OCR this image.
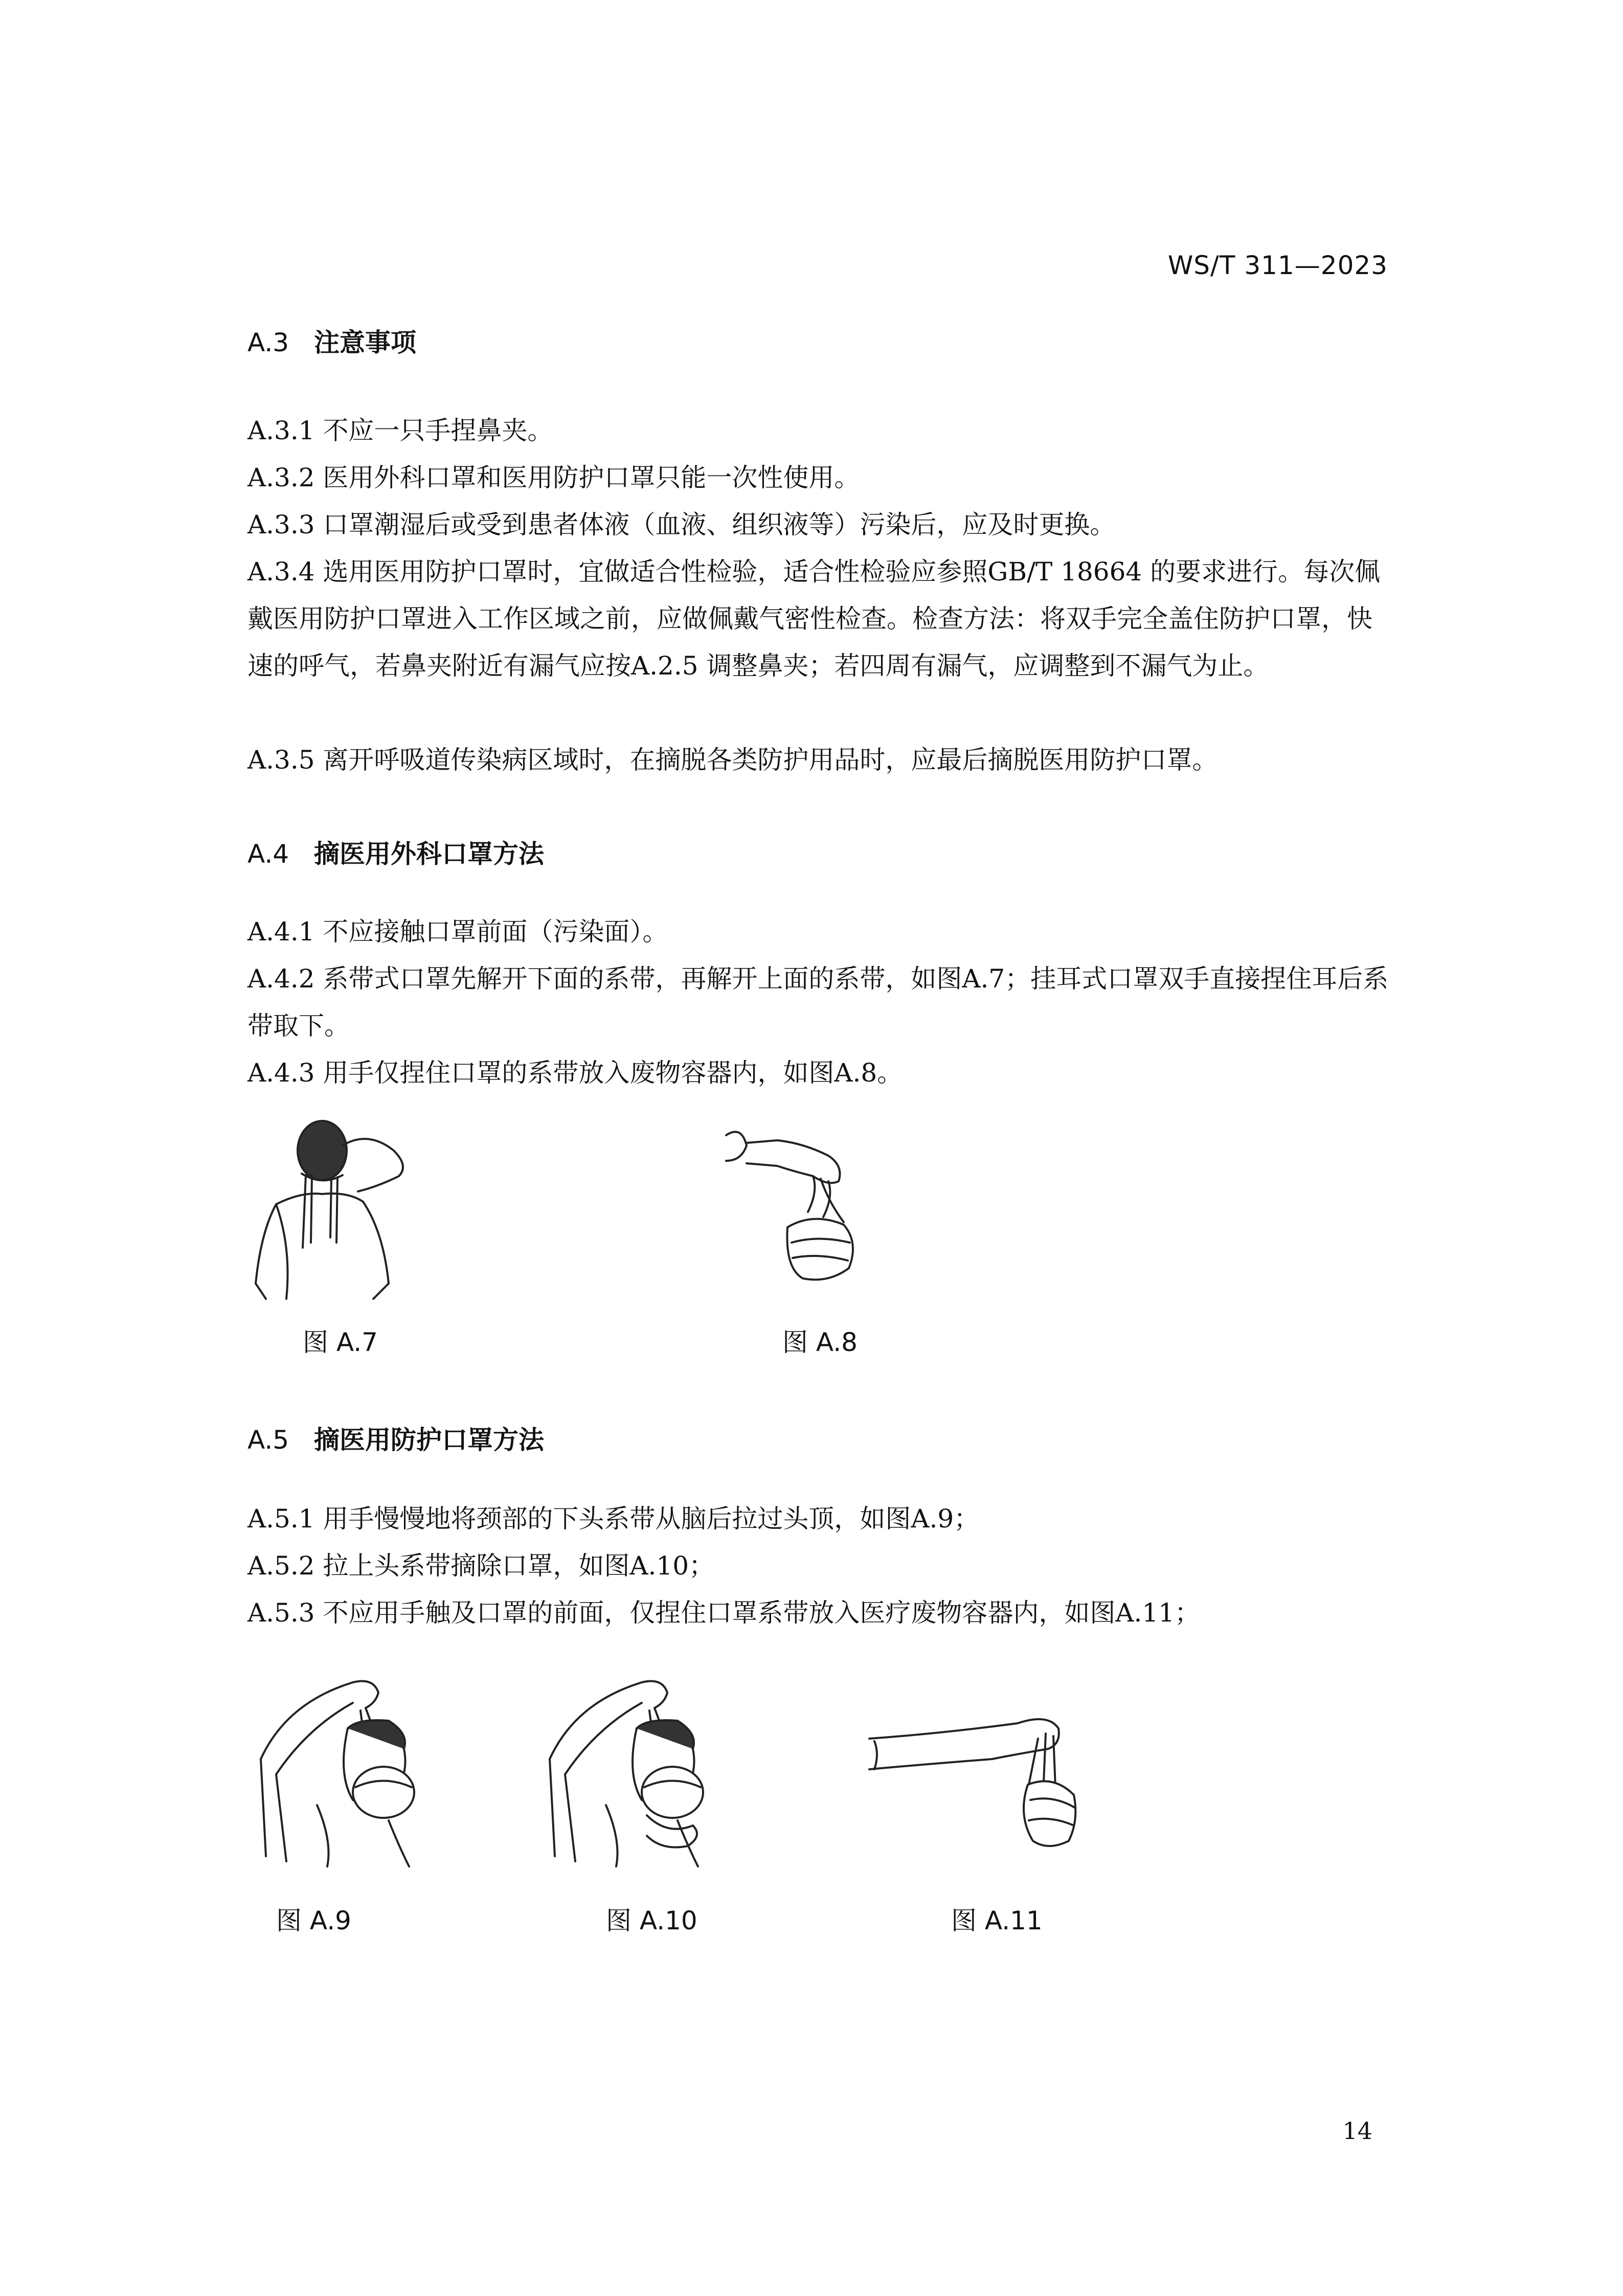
WS/T 311—2023
A.3 注意事项
A.3.1 不应一只手捏鼻夹。
A.3.2 医用外科口罩和医用防护口罩只能一次性使用。
A.3.3 口罩潮湿后或受到患者体液（血液、组织液等）污染后，应及时更换。
A.3.4 选用医用防护口罩时，宜做适合性检验，适合性检验应参照GB/T 18664 的要求进行。每次佩戴医用防护口罩进入工作区域之前，应做佩戴气密性检查。检查方法：将双手完全盖住防护口罩，快速的呼气，若鼻夹附近有漏气应按A.2.5 调整鼻夹；若四周有漏气，应调整到不漏气为止。
A.3.5 离开呼吸道传染病区域时，在摘脱各类防护用品时，应最后摘脱医用防护口罩。
A.4 摘医用外科口罩方法
A.4.1 不应接触口罩前面（污染面）。
A.4.2 系带式口罩先解开下面的系带，再解开上面的系带，如图A.7；挂耳式口罩双手直接捏住耳后系带取下。
A.4.3 用手仅捏住口罩的系带放入废物容器内，如图A.8。
图 A.7	图 A.8
A.5 摘医用防护口罩方法
A.5.1 用手慢慢地将颈部的下头系带从脑后拉过头顶，如图A.9；
A.5.2 拉上头系带摘除口罩，如图A.10；
A.5.3 不应用手触及口罩的前面，仅捏住口罩系带放入医疗废物容器内，如图A.11；
图 A.9	图 A.10	图 A.11
14
